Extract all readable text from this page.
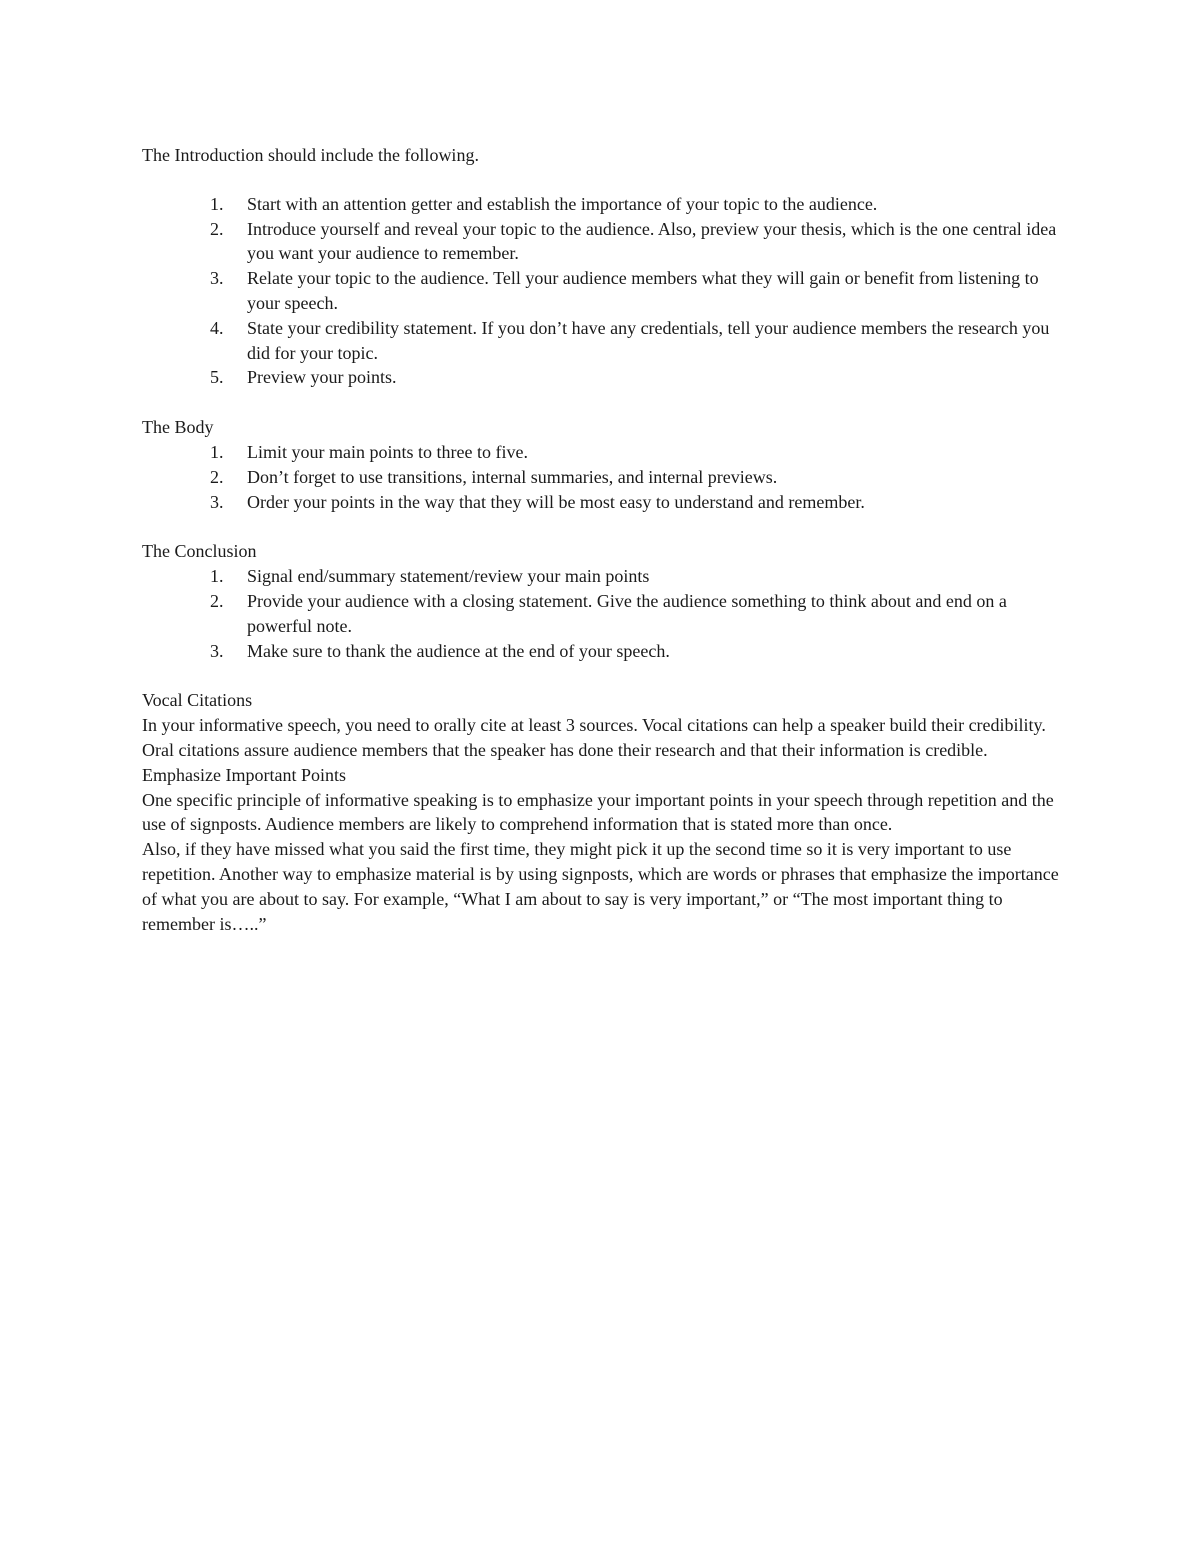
The Introduction should include the following.

1.	Start with an attention getter and establish the importance of your topic to the audience.
2.	Introduce yourself and reveal your topic to the audience. Also, preview your thesis, which is the one central idea you want your audience to remember.
3.	Relate your topic to the audience. Tell your audience members what they will gain or benefit from listening to your speech.
4.	State your credibility statement. If you don’t have any credentials, tell your audience members the research you did for your topic.
5.	Preview your points.

The Body

1.	Limit your main points to three to five.
2.	Don’t forget to use transitions, internal summaries, and internal previews.
3.	Order your points in the way that they will be most easy to understand and remember.

The Conclusion

1.	Signal end/summary statement/review your main points
2.	Provide your audience with a closing statement. Give the audience something to think about and end on a powerful note.
3.	Make sure to thank the audience at the end of your speech.

Vocal Citations

In your informative speech, you need to orally cite at least 3 sources. Vocal citations can help a speaker build their credibility. Oral citations assure audience members that the speaker has done their research and that their information is credible.

Emphasize Important Points

One specific principle of informative speaking is to emphasize your important points in your speech through repetition and the use of signposts. Audience members are likely to comprehend information that is stated more than once.

Also, if they have missed what you said the first time, they might pick it up the second time so it is very important to use repetition. Another way to emphasize material is by using signposts, which are words or phrases that emphasize the importance of what you are about to say. For example, “What I am about to say is very important,” or “The most important thing to remember is…..”
